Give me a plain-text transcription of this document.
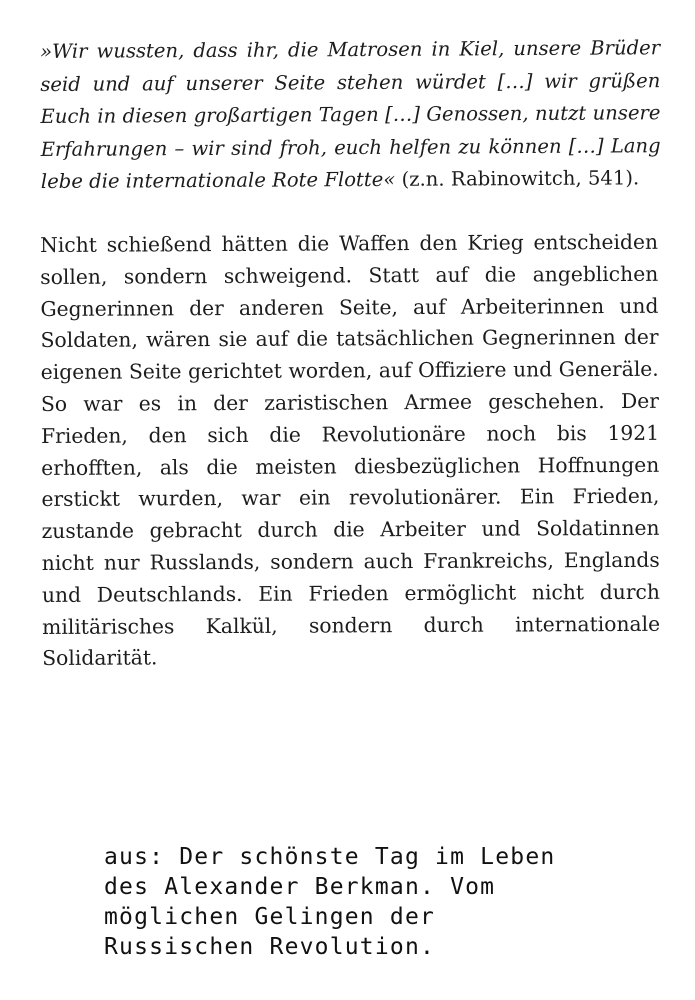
»Wir wussten, dass ihr, die Matrosen in Kiel, unsere Brüder seid und auf unserer Seite stehen würdet […] wir grüßen Euch in diesen großartigen Tagen […] Genossen, nutzt unsere Erfahrungen – wir sind froh, euch helfen zu können […] Lang lebe die internationale Rote Flotte« (z.n. Rabinowitch, 541).

Nicht schießend hätten die Waffen den Krieg entscheiden sollen, sondern schweigend. Statt auf die angeblichen Gegnerinnen der anderen Seite, auf Arbeiterinnen und Soldaten, wären sie auf die tatsächlichen Gegnerinnen der eigenen Seite gerichtet worden, auf Offiziere und Generäle. So war es in der zaristischen Armee geschehen. Der Frieden, den sich die Revolutionäre noch bis 1921 erhofften, als die meisten diesbezüglichen Hoffnungen erstickt wurden, war ein revolutionärer. Ein Frieden, zustande gebracht durch die Arbeiter und Soldatinnen nicht nur Russlands, sondern auch Frankreichs, Englands und Deutschlands. Ein Frieden ermöglicht nicht durch militärisches Kalkül, sondern durch internationale Solidarität.

aus: Der schönste Tag im Leben
des Alexander Berkman. Vom
möglichen Gelingen der
Russischen Revolution.
